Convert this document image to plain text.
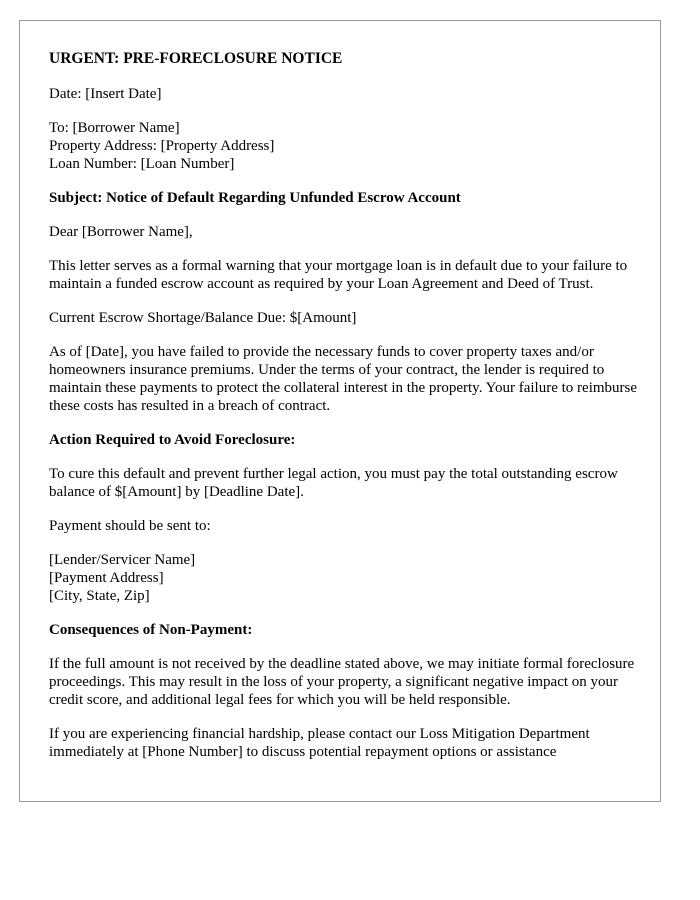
URGENT: PRE-FORECLOSURE NOTICE

Date: [Insert Date]

To: [Borrower Name]
Property Address: [Property Address]
Loan Number: [Loan Number]

Subject: Notice of Default Regarding Unfunded Escrow Account

Dear [Borrower Name],

This letter serves as a formal warning that your mortgage loan is in default due to your failure to maintain a funded escrow account as required by your Loan Agreement and Deed of Trust.

Current Escrow Shortage/Balance Due: $[Amount]

As of [Date], you have failed to provide the necessary funds to cover property taxes and/or homeowners insurance premiums. Under the terms of your contract, the lender is required to maintain these payments to protect the collateral interest in the property. Your failure to reimburse these costs has resulted in a breach of contract.

Action Required to Avoid Foreclosure:

To cure this default and prevent further legal action, you must pay the total outstanding escrow balance of $[Amount] by [Deadline Date].

Payment should be sent to:

[Lender/Servicer Name]
[Payment Address]
[City, State, Zip]

Consequences of Non-Payment:

If the full amount is not received by the deadline stated above, we may initiate formal foreclosure proceedings. This may result in the loss of your property, a significant negative impact on your credit score, and additional legal fees for which you will be held responsible.

If you are experiencing financial hardship, please contact our Loss Mitigation Department immediately at [Phone Number] to discuss potential repayment options or assistance
